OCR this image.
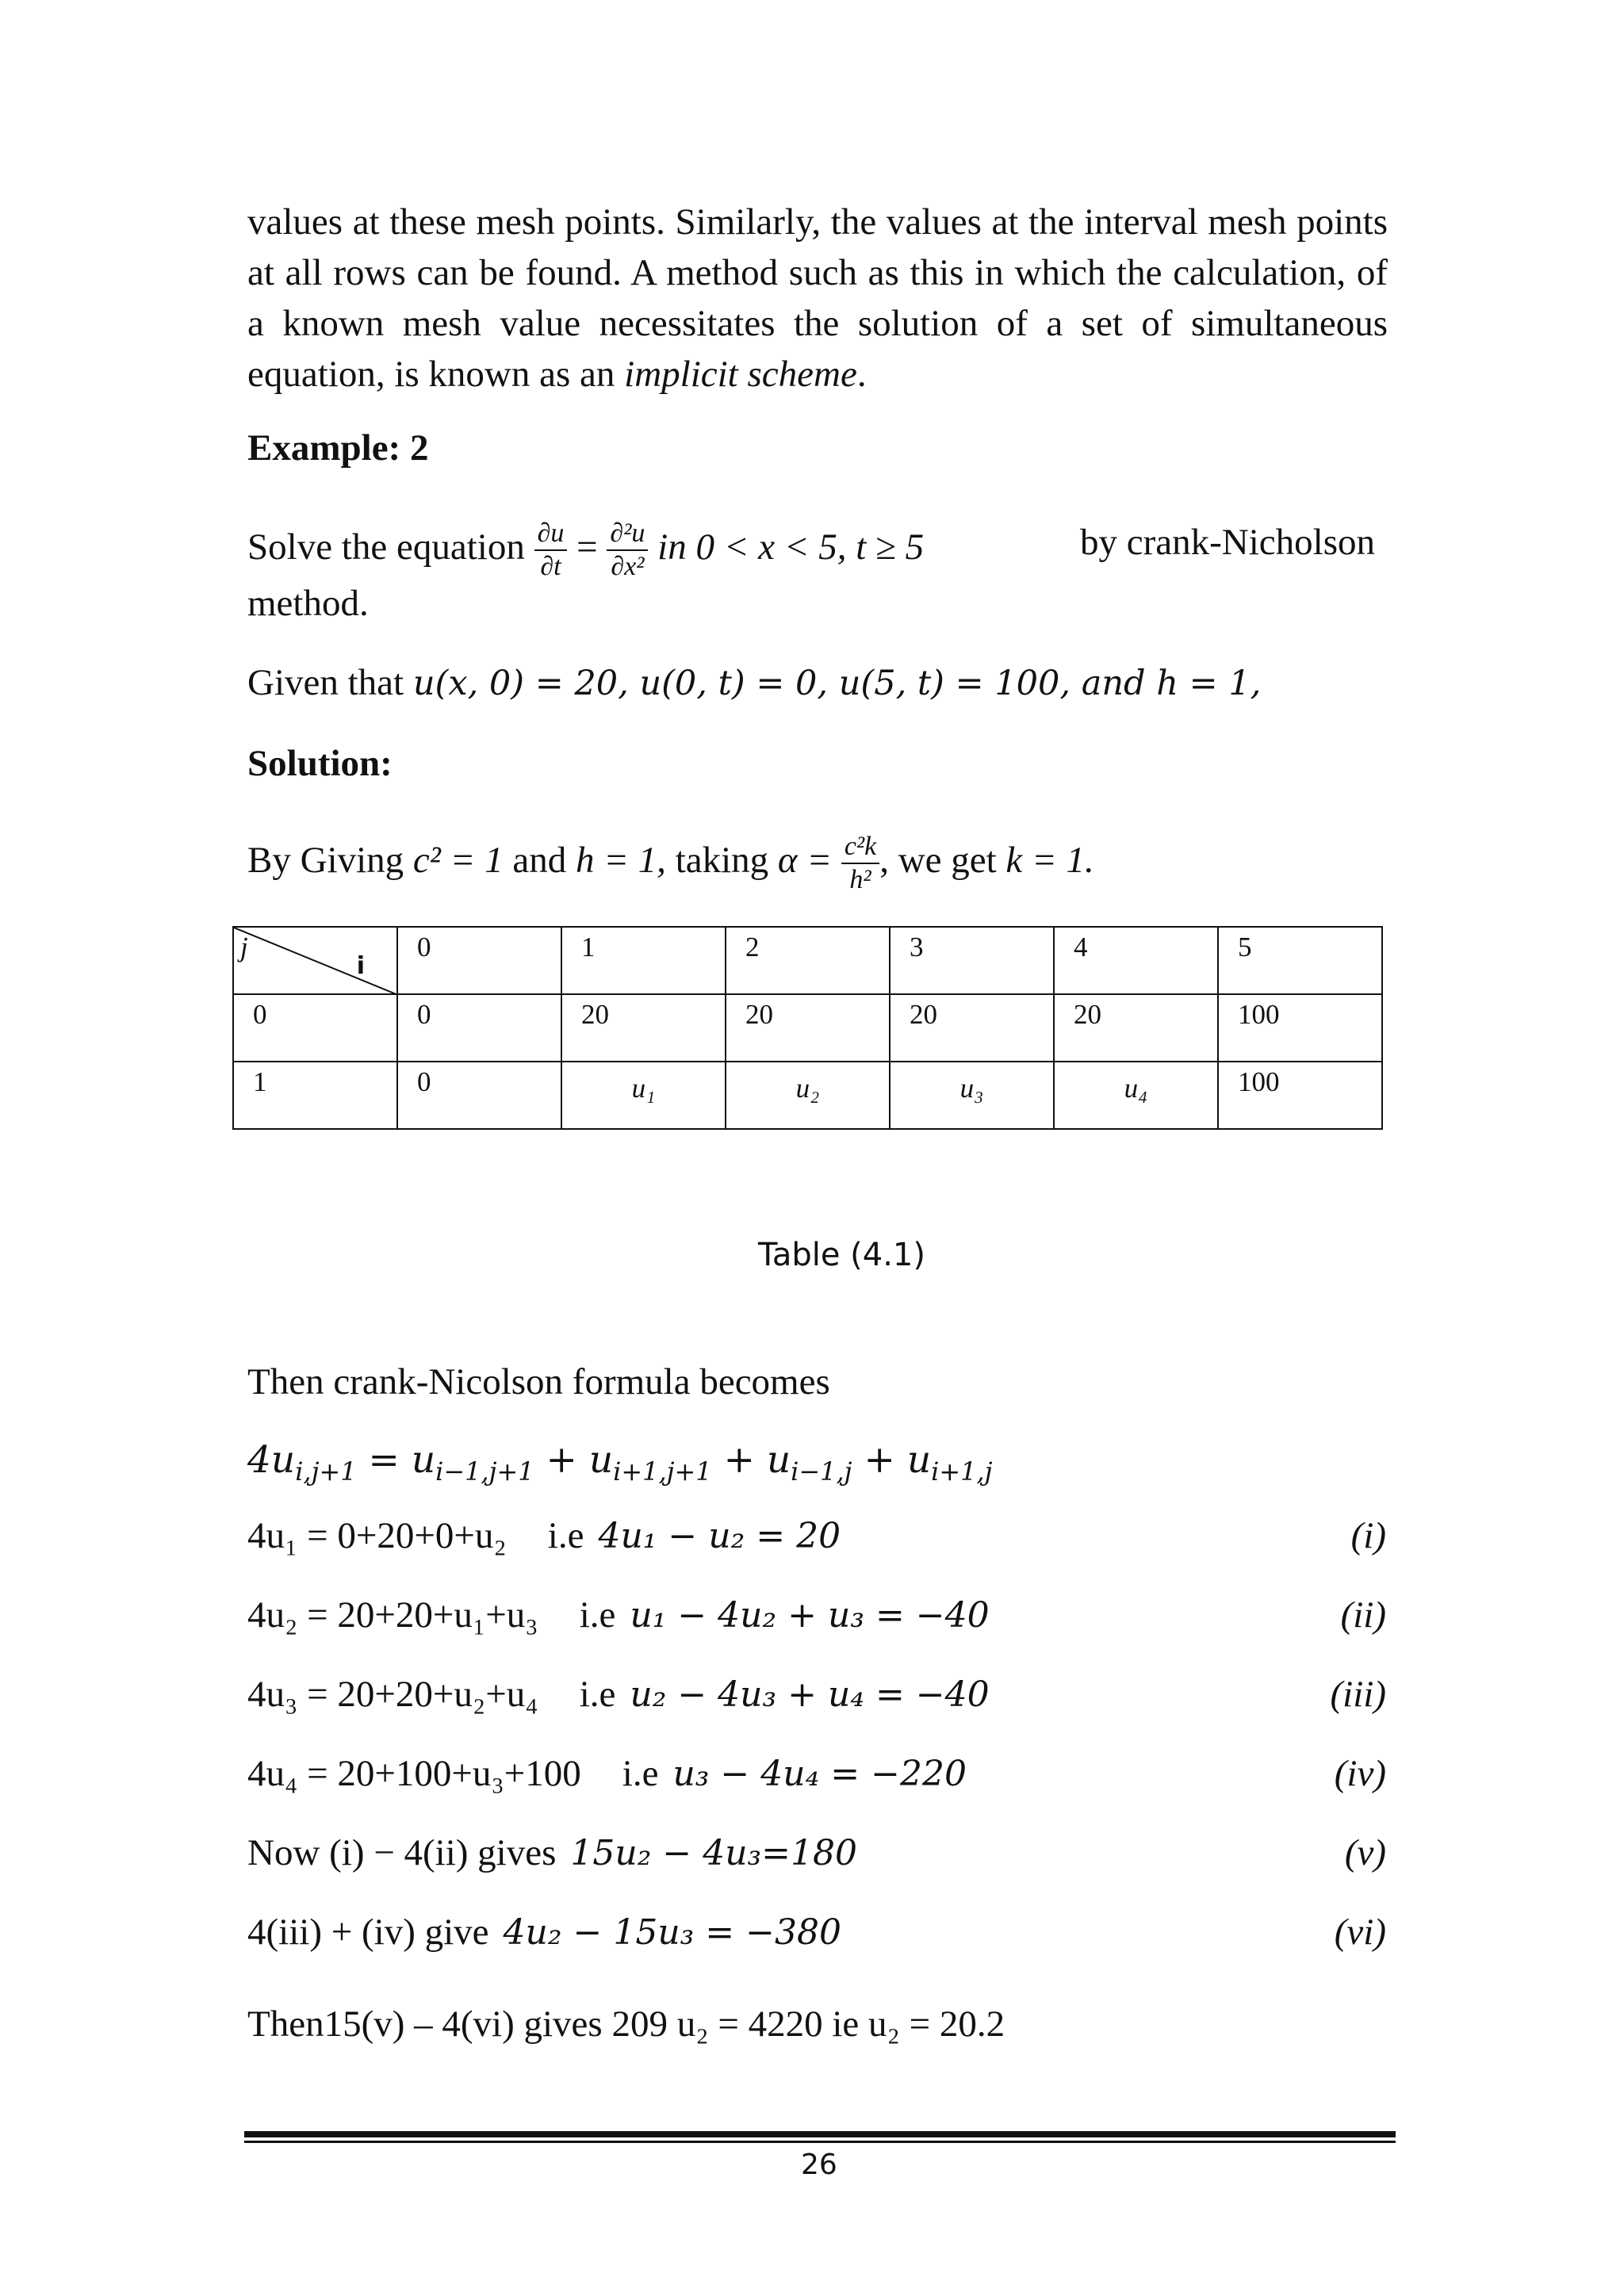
values at these mesh points. Similarly, the values at the interval mesh points at all rows can be found. A method such as this in which the calculation, of a known mesh value necessitates the solution of a set of simultaneous equation, is known as an implicit scheme.
Example: 2
Solve the equation $\frac{\partial u}{\partial t} = \frac{\text{∂²u}}{\text{∂x²}}$ in 0 < x < 5, t ≥ 5	by crank-Nicholson
method.
Given that u(x, 0) = 20, u(0, t) = 0, u(5, t) = 100, and h = 1,
Solution:
By Giving c² = 1 and h = 1, taking $\alpha = \frac{\text{c²k}}{\text{h²}}$ , we get k = 1.
j
i	0	1	2	3	4	5
0	0	20	20	20	20	100
1	0	u₁	u₂	u₃	u₄	100
Table (4.1)
Then crank-Nicolson formula becomes
$4u_{i,j+1} = u_{i-1,j+1} + u_{i+1,j+1} + u_{i-1,j} + u_{i+1,j}$
4u₁ = 0+20+0+u₂ i.e 4u₁ − u₂ = 20	(i)
4u₂ = 20+20+u₁+u₃ i.e u₁ − 4u₂ + u₃ = −40	(ii)
4u₃ = 20+20+u₂+u₄ i.e u₂ − 4u₃ + u₄ = −40	(iii)
4u₄ = 20+100+u₃+100 i.e u₃ − 4u₄ = −220	(iv)
Now (i) − 4(ii) gives 15u₂ − 4u₃=180	(v)
4(iii) + (iv) give 4u₂ − 15u₃ = −380	(vi)
Then15(v) – 4(vi) gives 209 u₂ = 4220 ie u₂ = 20.2
26
